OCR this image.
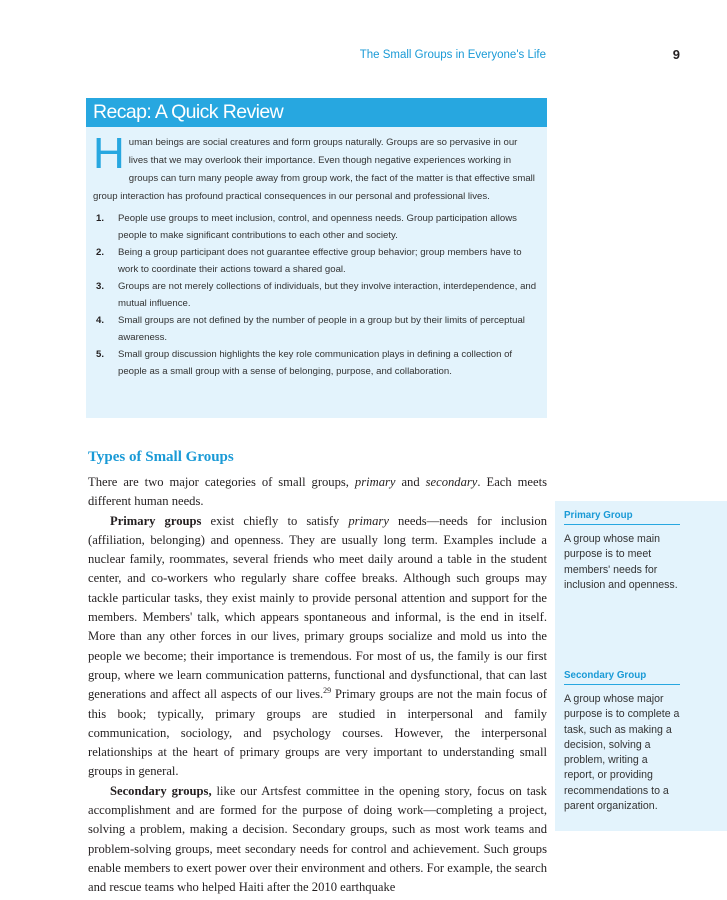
The Small Groups in Everyone's Life	9
Recap: A Quick Review
H uman beings are social creatures and form groups naturally. Groups are so pervasive in our lives that we may overlook their importance. Even though negative experiences working in groups can turn many people away from group work, the fact of the matter is that effective small group interaction has profound practical consequences in our personal and professional lives.
1. People use groups to meet inclusion, control, and openness needs. Group participation allows people to make significant contributions to each other and society.
2. Being a group participant does not guarantee effective group behavior; group members have to work to coordinate their actions toward a shared goal.
3. Groups are not merely collections of individuals, but they involve interaction, interdependence, and mutual influence.
4. Small groups are not defined by the number of people in a group but by their limits of perceptual awareness.
5. Small group discussion highlights the key role communication plays in defining a collection of people as a small group with a sense of belonging, purpose, and collaboration.
Types of Small Groups
Primary Group
A group whose main purpose is to meet members' needs for inclusion and openness.
Secondary Group
A group whose major purpose is to complete a task, such as making a decision, solving a problem, writing a report, or providing recommendations to a parent organization.

There are two major categories of small groups, primary and secondary. Each meets different human needs.

Primary groups exist chiefly to satisfy primary needs—needs for inclusion (affiliation, belonging) and openness. They are usually long term. Examples include a nuclear family, roommates, several friends who meet daily around a table in the student center, and co-workers who regularly share coffee breaks. Although such groups may tackle particular tasks, they exist mainly to provide personal attention and support for the members. Members' talk, which appears spontaneous and informal, is the end in itself. More than any other forces in our lives, primary groups socialize and mold us into the people we become; their importance is tremendous. For most of us, the family is our first group, where we learn communication patterns, functional and dysfunctional, that can last generations and affect all aspects of our lives.$^{29}$ Primary groups are not the main focus of this book; typically, primary groups are studied in interpersonal and family communication, sociology, and psychology courses. However, the interpersonal relationships at the heart of primary groups are very important to understanding small groups in general.

Secondary groups, like our Artsfest committee in the opening story, focus on task accomplishment and are formed for the purpose of doing work—completing a project, solving a problem, making a decision. Secondary groups, such as most work teams and problem-solving groups, meet secondary needs for control and achievement. Such groups enable members to exert power over their environment and others. For example, the search and rescue teams who helped Haiti after the 2010 earthquake
